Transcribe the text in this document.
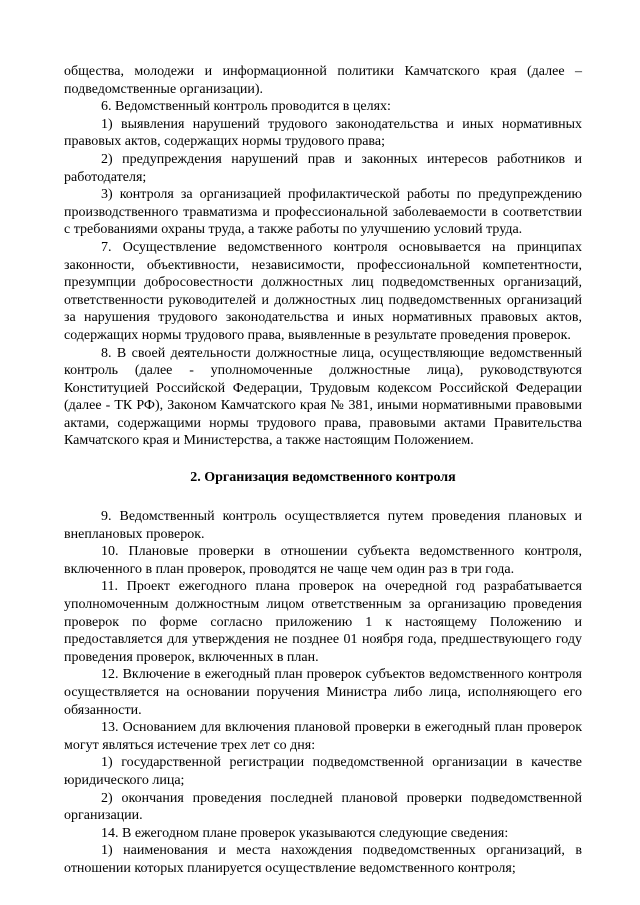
общества, молодежи и информационной политики Камчатского края (далее – подведомственные организации).

6. Ведомственный контроль проводится в целях:

1) выявления нарушений трудового законодательства и иных нормативных правовых актов, содержащих нормы трудового права;

2) предупреждения нарушений прав и законных интересов работников и работодателя;

3) контроля за организацией профилактической работы по предупреждению производственного травматизма и профессиональной заболеваемости в соответствии с требованиями охраны труда, а также работы по улучшению условий труда.

7. Осуществление ведомственного контроля основывается на принципах законности, объективности, независимости, профессиональной компетентности, презумпции добросовестности должностных лиц подведомственных организаций, ответственности руководителей и должностных лиц подведомственных организаций за нарушения трудового законодательства и иных нормативных правовых актов, содержащих нормы трудового права, выявленные в результате проведения проверок.

8. В своей деятельности должностные лица, осуществляющие ведомственный контроль (далее - уполномоченные должностные лица), руководствуются Конституцией Российской Федерации, Трудовым кодексом Российской Федерации (далее - ТК РФ), Законом Камчатского края № 381, иными нормативными правовыми актами, содержащими нормы трудового права, правовыми актами Правительства Камчатского края и Министерства, а также настоящим Положением.

2. Организация ведомственного контроля

9. Ведомственный контроль осуществляется путем проведения плановых и внеплановых проверок.

10. Плановые проверки в отношении субъекта ведомственного контроля, включенного в план проверок, проводятся не чаще чем один раз в три года.

11. Проект ежегодного плана проверок на очередной год разрабатывается уполномоченным должностным лицом ответственным за организацию проведения проверок по форме согласно приложению 1 к настоящему Положению и предоставляется для утверждения не позднее 01 ноября года, предшествующего году проведения проверок, включенных в план.

12. Включение в ежегодный план проверок субъектов ведомственного контроля осуществляется на основании поручения Министра либо лица, исполняющего его обязанности.

13. Основанием для включения плановой проверки в ежегодный план проверок могут являться истечение трех лет со дня:

1) государственной регистрации подведомственной организации в качестве юридического лица;

2) окончания проведения последней плановой проверки подведомственной организации.

14. В ежегодном плане проверок указываются следующие сведения:

1) наименования и места нахождения подведомственных организаций, в отношении которых планируется осуществление ведомственного контроля;
